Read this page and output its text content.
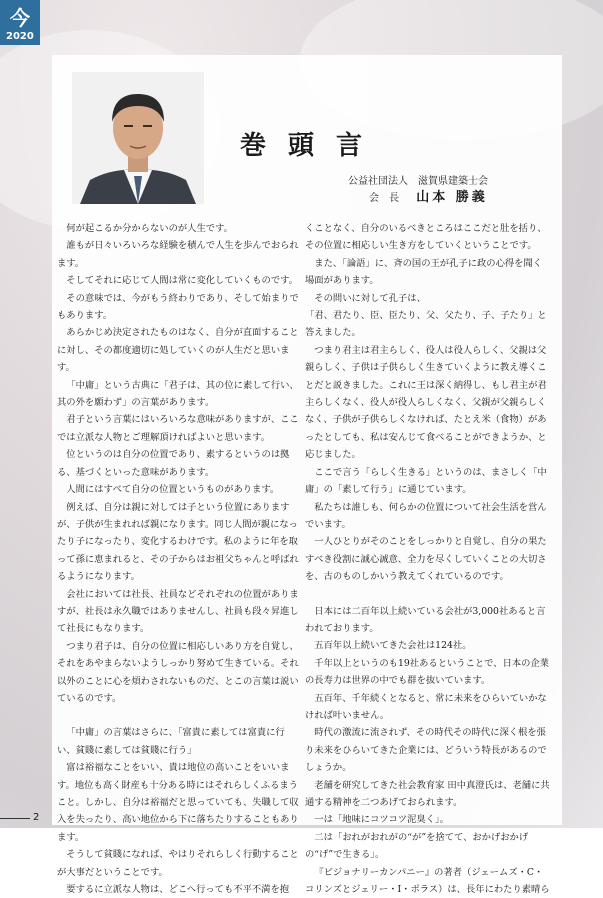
今
2020
巻頭言
公益社団法人　滋賀県建築士会
会　長 山本 勝義

何が起こるか分からないのが人生です。

誰もが日々いろいろな経験を積んで人生を歩んでおられます。

そしてそれに応じて人間は常に変化していくものです。

その意味では、今がもう終わりであり、そして始まりでもあります。

あらかじめ決定されたものはなく、自分が直面することに対し、その都度適切に処していくのが人生だと思います。

「中庸」という古典に「君子は、其の位に素して行い、其の外を願わず」の言葉があります。

君子という言葉にはいろいろな意味がありますが、ここでは立派な人物とご理解頂ければよいと思います。

位というのは自分の位置であり、素するというのは拠る、基づくといった意味があります。

人間にはすべて自分の位置というものがあります。

例えば、自分は親に対しては子という位置にありますが、子供が生まれれば親になります。同じ人間が親になったり子になったり、変化するわけです。私のように年を取って孫に恵まれると、その子からはお祖父ちゃんと呼ばれるようになります。

会社においては社長、社員などそれぞれの位置がありますが、社長は永久職ではありませんし、社員も段々昇進して社長にもなります。

つまり君子は、自分の位置に相応しいあり方を自覚し、それをあやまらないようしっかり努めて生きている。それ以外のことに心を煩わされないものだ、とこの言葉は説いているのです。

「中庸」の言葉はさらに、「富貴に素しては富貴に行い、貧賤に素しては貧賤に行う」

富は裕福なことをいい、貴は地位の高いことをいいます。地位も高く財産も十分ある時にはそれらしくふるまうこと。しかし、自分は裕福だと思っていても、失職して収入を失ったり、高い地位から下に落ちたりすることもあります。

そうして貧賤になれば、やはりそれらしく行動することが大事だということです。

要するに立派な人物は、どこへ行っても不平不満を抱

くことなく、自分のいるべきところはここだと肚を括り、その位置に相応しい生き方をしていくということです。

また、「論語」に、斉の国の王が孔子に政の心得を聞く場面があります。

その問いに対して孔子は、

「君、君たり、臣、臣たり、父、父たり、子、子たり」と答えました。

つまり君主は君主らしく、役人は役人らしく、父親は父親らしく、子供は子供らしく生きていくように教え導くことだと説きました。これに王は深く納得し、もし君主が君主らしくなく、役人が役人らしくなく、父親が父親らしくなく、子供が子供らしくなければ、たとえ米（食物）があったとしても、私は安んじて食べることができようか、と応じました。

ここで言う「らしく生きる」というのは、まさしく「中庸」の「素して行う」に通じています。

私たちは誰しも、何らかの位置について社会生活を営んでいます。

一人ひとりがそのことをしっかりと自覚し、自分の果たすべき役割に誠心誠意、全力を尽くしていくことの大切さを、古のものしかいう教えてくれているのです。

日本には二百年以上続いている会社が3,000社あると言われております。

五百年以上続いてきた会社は124社。

千年以上というのも19社あるということで、日本の企業の長寿力は世界の中でも群を抜いています。

五百年、千年続くとなると、常に未来をひらいていかなければ叶いません。

時代の激流に流されず、その時代その時代に深く根を張り未来をひらいてきた企業には、どういう特長があるのでしょうか。

老舗を研究してきた社会教育家 田中真澄氏は、老舗に共通する精神を二つあげておられます。

一は「地味にコツコツ泥臭く」。

二は「おれがおれがの“が”を捨てて、おかげおかげの“げ”で生きる」。

『ビジョナリーカンパニー』の著者（ジェームズ・C・コリンズとジェリー・I・ポラス）は、長年にわたり素晴ら

2
